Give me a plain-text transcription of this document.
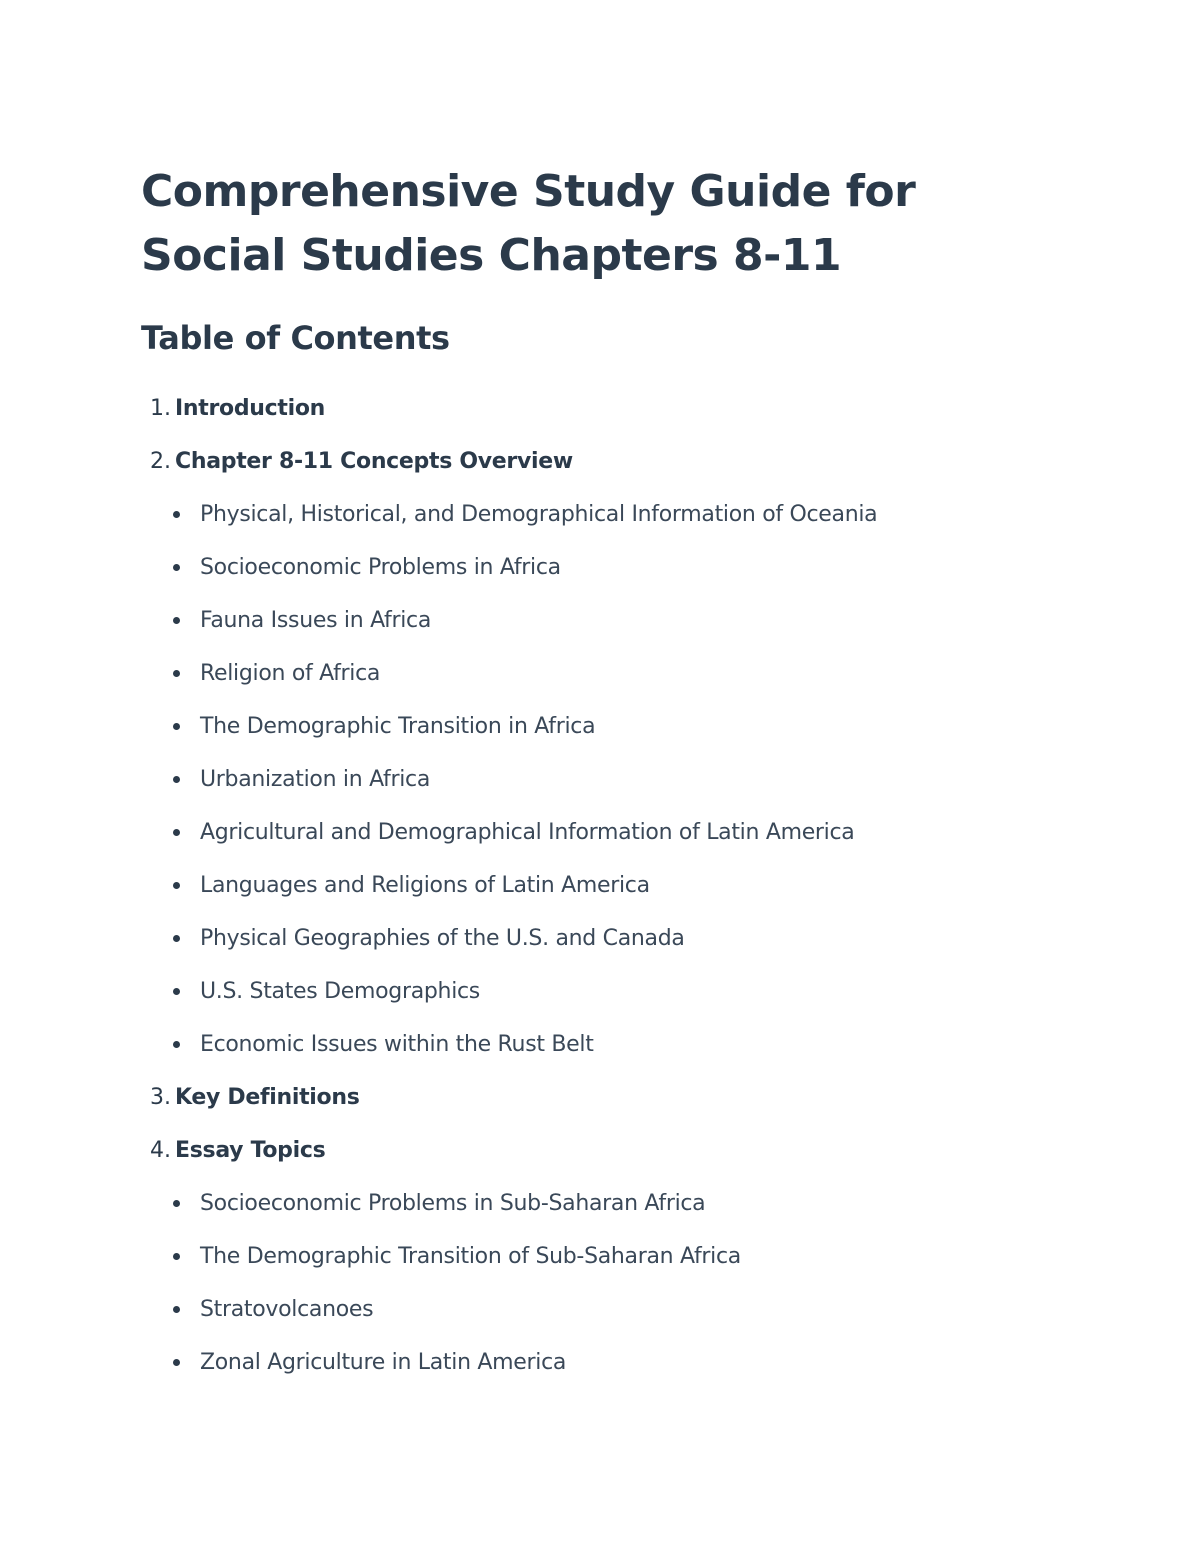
Comprehensive Study Guide for Social Studies Chapters 8-11
Table of Contents
1. Introduction
2. Chapter 8-11 Concepts Overview
Physical, Historical, and Demographical Information of Oceania
Socioeconomic Problems in Africa
Fauna Issues in Africa
Religion of Africa
The Demographic Transition in Africa
Urbanization in Africa
Agricultural and Demographical Information of Latin America
Languages and Religions of Latin America
Physical Geographies of the U.S. and Canada
U.S. States Demographics
Economic Issues within the Rust Belt
3. Key Definitions
4. Essay Topics
Socioeconomic Problems in Sub-Saharan Africa
The Demographic Transition of Sub-Saharan Africa
Stratovolcanoes
Zonal Agriculture in Latin America
